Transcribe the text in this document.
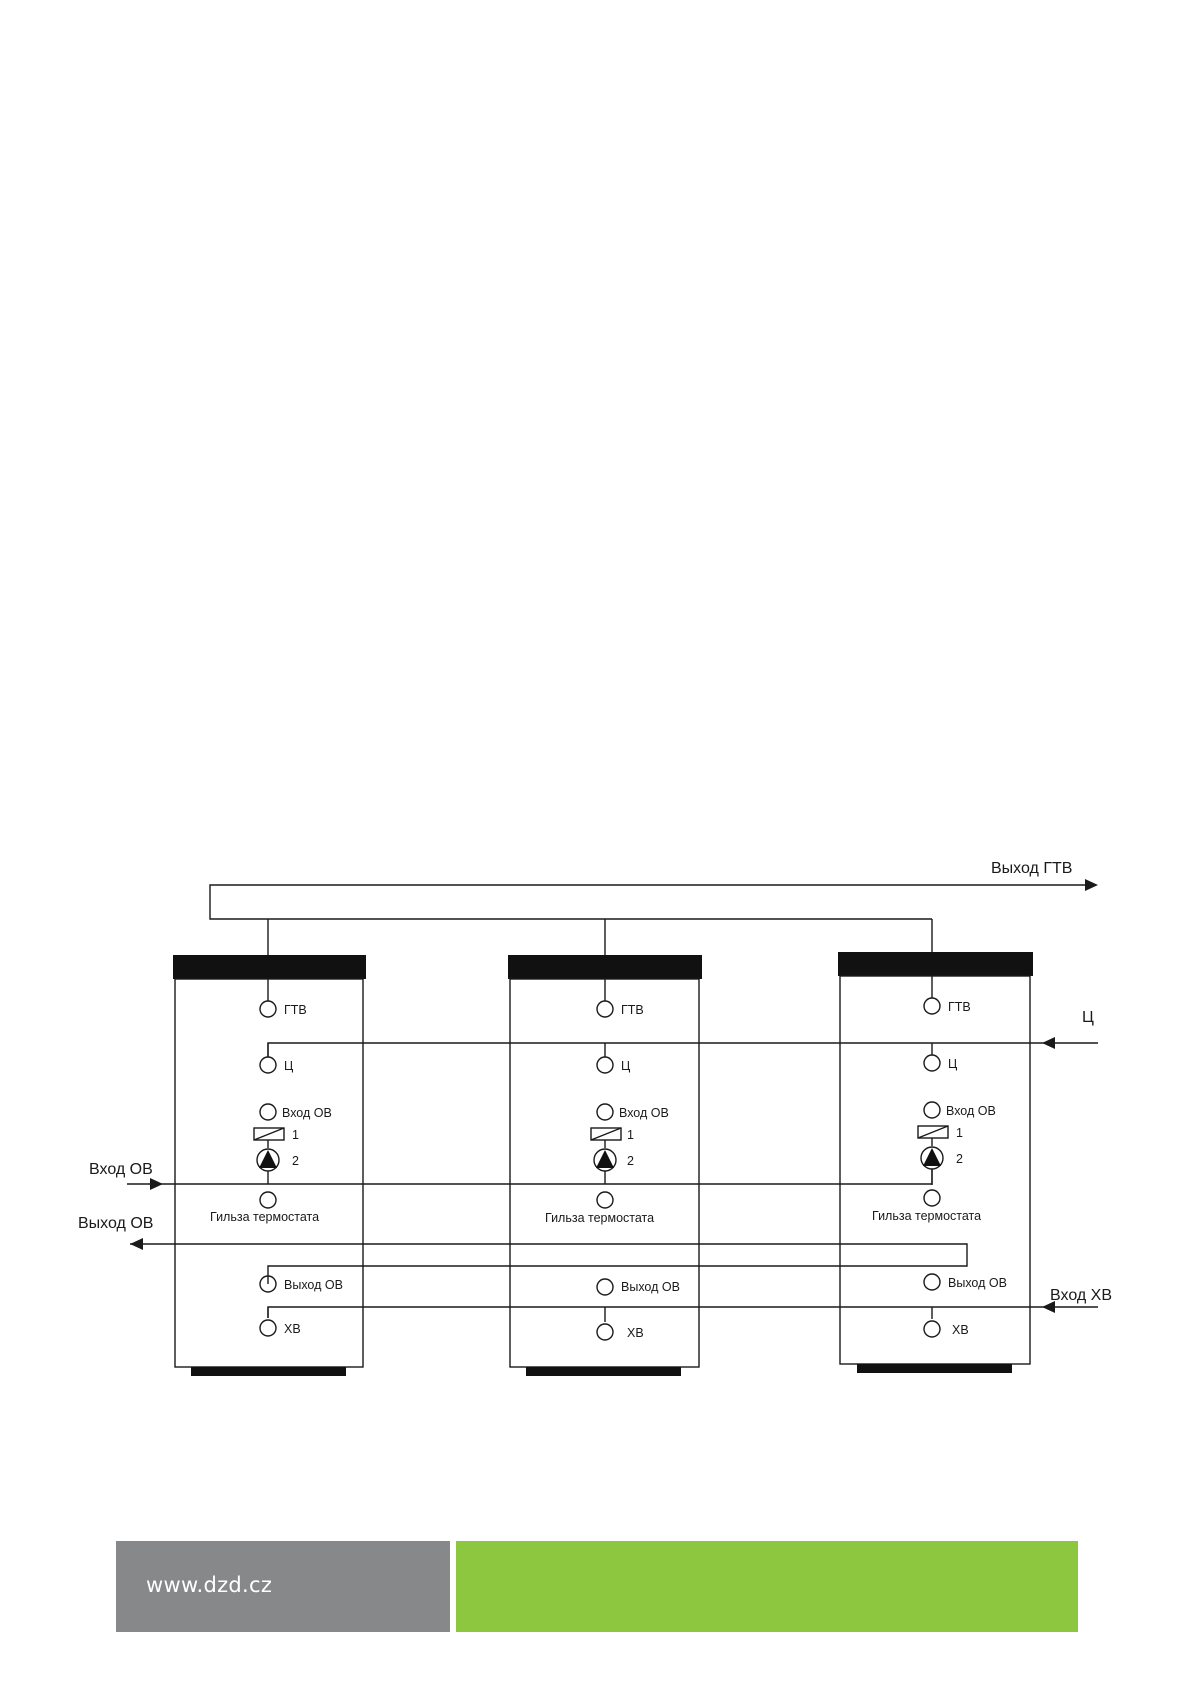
Выход ГТВ
Ц
Вход ОВ
Выход ОВ
Вход ХВ
ГТВ
Ц
Вход ОВ
1
2
Гильза термостата
Выход ОВ
ХВ
ГТВ
Ц
Вход ОВ
1
2
Гильза термостата
Выход ОВ
ХВ
ГТВ
Ц
Вход ОВ
1
2
Гильза термостата
Выход ОВ
ХВ
www.dzd.cz
